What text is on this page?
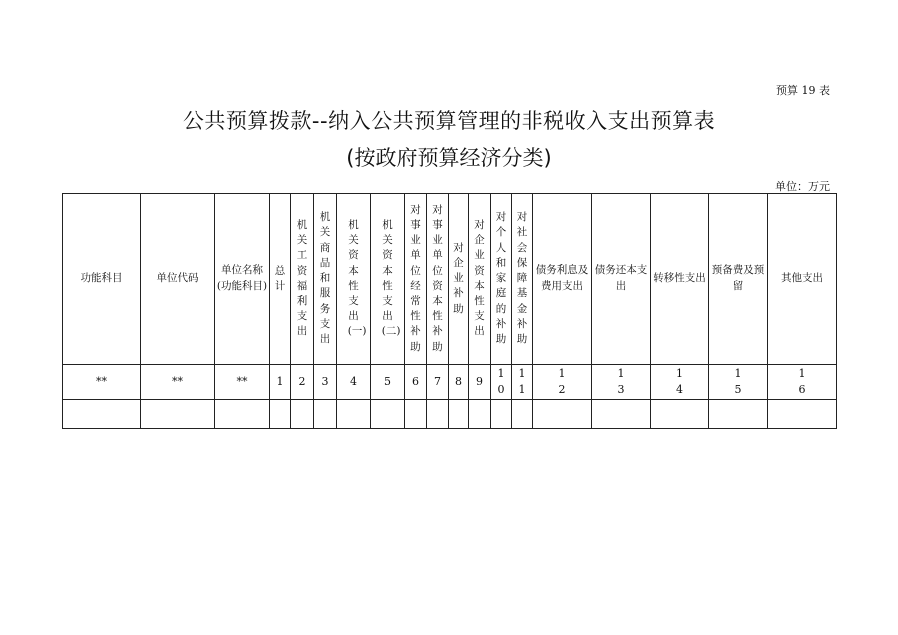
预算 19 表
公共预算拨款--纳入公共预算管理的非税收入支出预算表
(按政府预算经济分类)
单位：万元
功能科目	单位代码	单位名称(功能科目)	总计	机关工资福利支出	机关商品和服务支出	机关资本性支出(一)	机关资本性支出(二)	对事业单位经常性补助	对事业单位资本性补助	对企业补助	对企业资本性支出	对个人和家庭的补助	对社会保障基金补助	债务利息及费用支出	债务还本支出	转移性支出	预备费及预留	其他支出
**	**	**	1	2	3	4	5	6	7	8	9	10	11	12	13	14	15	16
